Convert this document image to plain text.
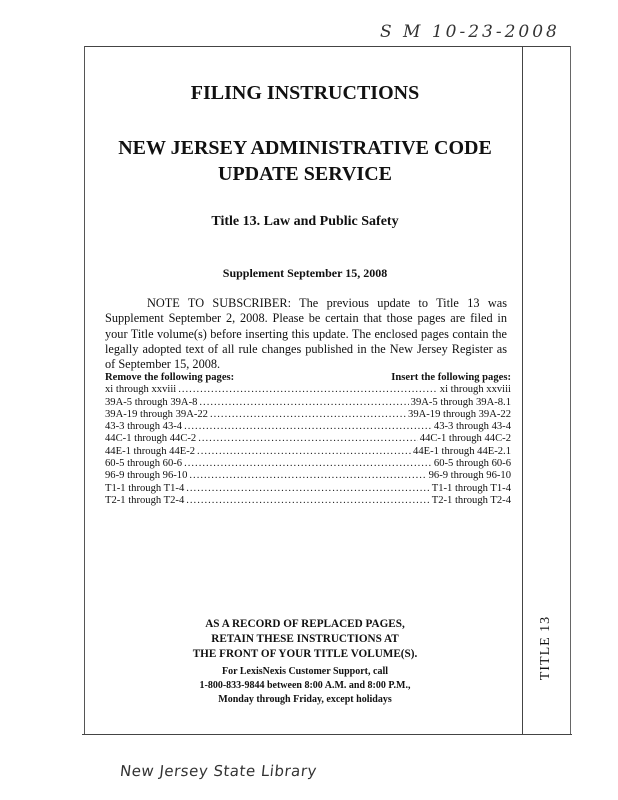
S M 10-23-2008
FILING INSTRUCTIONS
NEW JERSEY ADMINISTRATIVE CODE
UPDATE SERVICE
Title 13. Law and Public Safety
Supplement September 15, 2008
NOTE TO SUBSCRIBER: The previous update to Title 13 was Supplement September 2, 2008. Please be certain that those pages are filed in your Title volume(s) before inserting this update. The enclosed pages contain the legally adopted text of all rule changes published in the New Jersey Register as of September 15, 2008.
Remove the following pages:	Insert the following pages:
xi through xxviii .....	xi through xxviii
39A-5 through 39A-8 .....	39A-5 through 39A-8.1
39A-19 through 39A-22 .....	39A-19 through 39A-22
43-3 through 43-4 .....	43-3 through 43-4
44C-1 through 44C-2 .....	44C-1 through 44C-2
44E-1 through 44E-2 .....	44E-1 through 44E-2.1
60-5 through 60-6 .....	60-5 through 60-6
96-9 through 96-10 .....	96-9 through 96-10
T1-1 through T1-4 .....	T1-1 through T1-4
T2-1 through T2-4 .....	T2-1 through T2-4
AS A RECORD OF REPLACED PAGES,
RETAIN THESE INSTRUCTIONS AT
THE FRONT OF YOUR TITLE VOLUME(S).
For LexisNexis Customer Support, call
1-800-833-9844 between 8:00 A.M. and 8:00 P.M.,
Monday through Friday, except holidays
TITLE 13
New Jersey State Library
